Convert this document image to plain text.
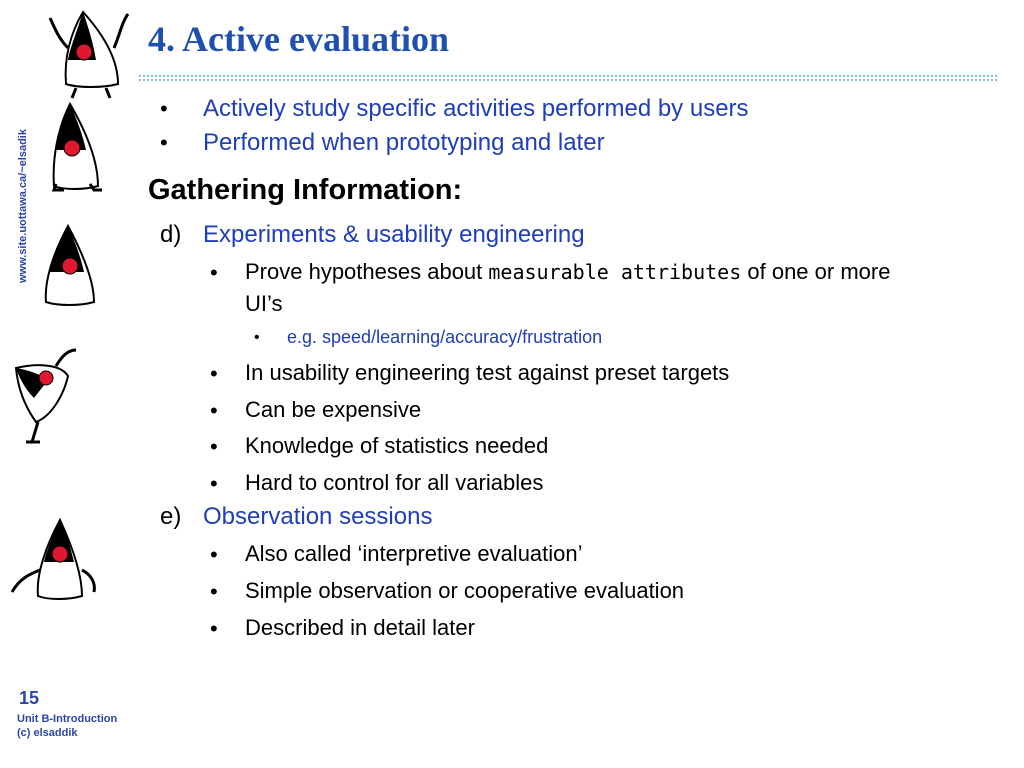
4. Active evaluation
www.site.uottawa.ca/~elsadik
• Actively study specific activities performed by users
• Performed when prototyping and later
Gathering Information:
d) Experiments & usability engineering
• Prove hypotheses about measurable attributes of one or more
UI’s
• e.g. speed/learning/accuracy/frustration
• In usability engineering test against preset targets
• Can be expensive
• Knowledge of statistics needed
• Hard to control for all variables
e) Observation sessions
• Also called ‘interpretive evaluation’
• Simple observation or cooperative evaluation
• Described in detail later
15
Unit B-Introduction
(c) elsaddik
